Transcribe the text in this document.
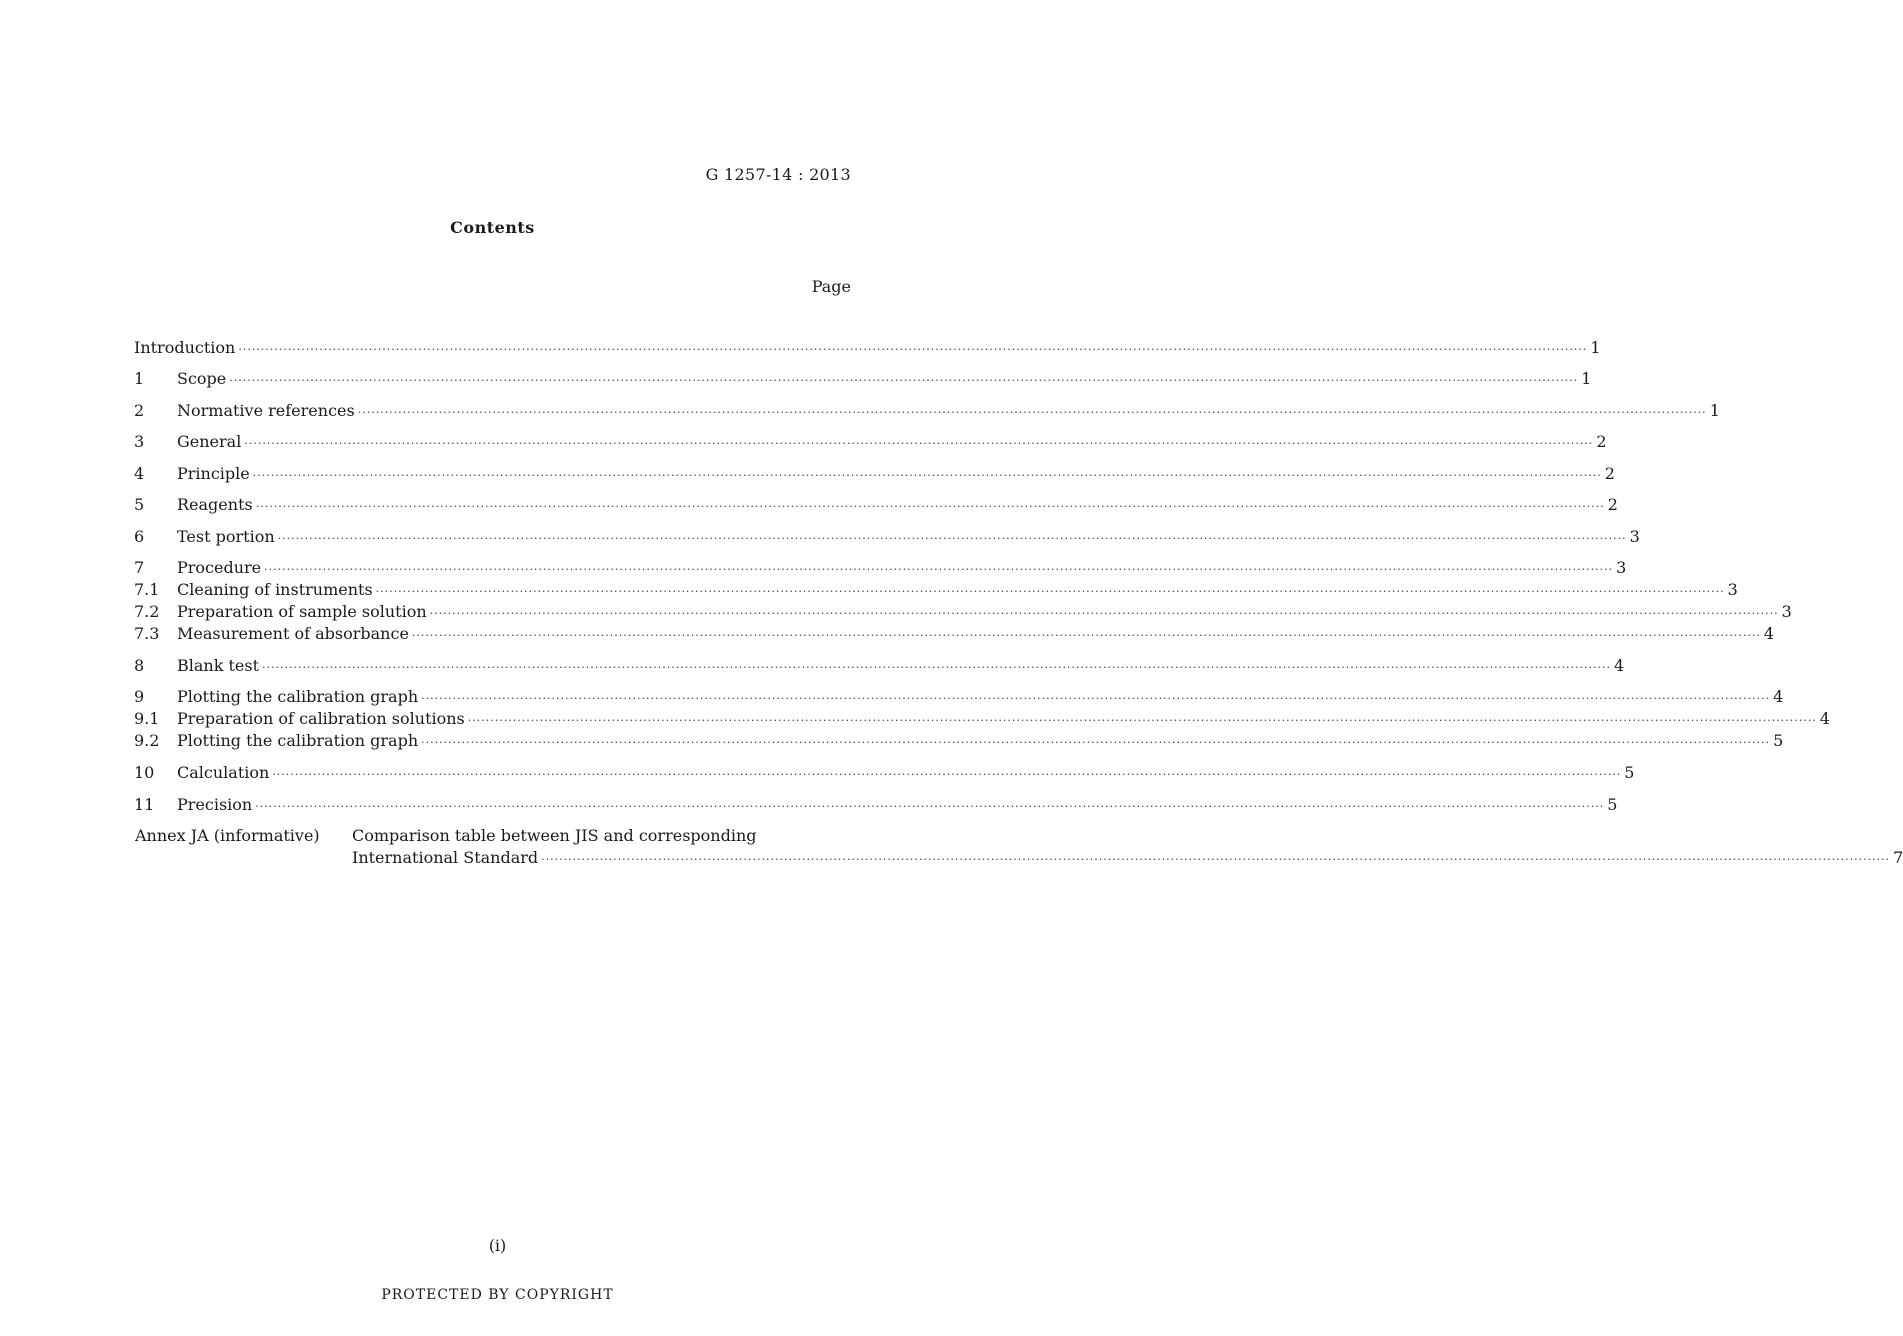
G 1257-14 : 2013
Contents
Page
Introduction ............................................................................................................................................................................................................................................................................................................ 1
1	Scope ............................................................................................................................................................................................................................................................................................................ 1
2	Normative references ............................................................................................................................................................................................................................................................................................................ 1
3	General ............................................................................................................................................................................................................................................................................................................ 2
4	Principle ............................................................................................................................................................................................................................................................................................................ 2
5	Reagents ............................................................................................................................................................................................................................................................................................................ 2
6	Test portion ............................................................................................................................................................................................................................................................................................................ 3
7	Procedure ............................................................................................................................................................................................................................................................................................................ 3
7.1	Cleaning of instruments ............................................................................................................................................................................................................................................................................................................ 3
7.2	Preparation of sample solution ............................................................................................................................................................................................................................................................................................................ 3
7.3	Measurement of absorbance ............................................................................................................................................................................................................................................................................................................ 4
8	Blank test ............................................................................................................................................................................................................................................................................................................ 4
9	Plotting the calibration graph ............................................................................................................................................................................................................................................................................................................ 4
9.1	Preparation of calibration solutions ............................................................................................................................................................................................................................................................................................................ 4
9.2	Plotting the calibration graph ............................................................................................................................................................................................................................................................................................................ 5
10	Calculation ............................................................................................................................................................................................................................................................................................................ 5
11	Precision ............................................................................................................................................................................................................................................................................................................ 5
Annex JA (informative) Comparison table between JIS and corresponding
International Standard ............................................................................................................................................................................................................................................................................................................ 7
(i)
PROTECTED BY COPYRIGHT
